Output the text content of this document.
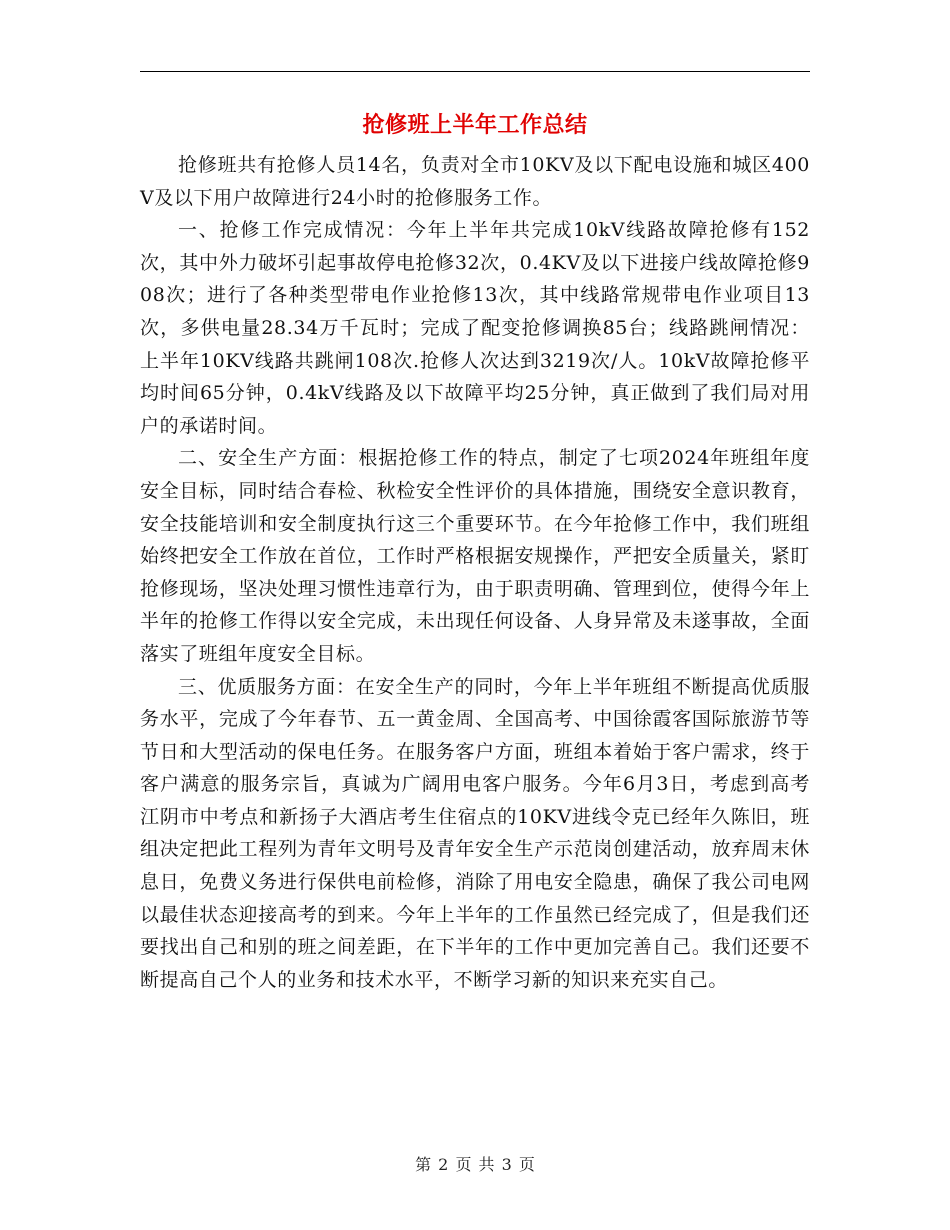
抢修班上半年工作总结

抢修班共有抢修人员14名，负责对全市10KV及以下配电设施和城区400V及以下用户故障进行24小时的抢修服务工作。

一、抢修工作完成情况：今年上半年共完成10kV线路故障抢修有152次，其中外力破坏引起事故停电抢修32次，0.4KV及以下进接户线故障抢修908次；进行了各种类型带电作业抢修13次，其中线路常规带电作业项目13次，多供电量28.34万千瓦时；完成了配变抢修调换85台；线路跳闸情况：上半年10KV线路共跳闸108次.抢修人次达到3219次/人。10kV故障抢修平均时间65分钟，0.4kV线路及以下故障平均25分钟，真正做到了我们局对用户的承诺时间。

二、安全生产方面：根据抢修工作的特点，制定了七项2024年班组年度安全目标，同时结合春检、秋检安全性评价的具体措施，围绕安全意识教育，安全技能培训和安全制度执行这三个重要环节。在今年抢修工作中，我们班组始终把安全工作放在首位，工作时严格根据安规操作，严把安全质量关，紧盯抢修现场，坚决处理习惯性违章行为，由于职责明确、管理到位，使得今年上半年的抢修工作得以安全完成，未出现任何设备、人身异常及未遂事故，全面落实了班组年度安全目标。

三、优质服务方面：在安全生产的同时，今年上半年班组不断提高优质服务水平，完成了今年春节、五一黄金周、全国高考、中国徐霞客国际旅游节等节日和大型活动的保电任务。在服务客户方面，班组本着始于客户需求，终于客户满意的服务宗旨，真诚为广阔用电客户服务。今年6月3日，考虑到高考江阴市中考点和新扬子大酒店考生住宿点的10KV进线令克已经年久陈旧，班组决定把此工程列为青年文明号及青年安全生产示范岗创建活动，放弃周末休息日，免费义务进行保供电前检修，消除了用电安全隐患，确保了我公司电网以最佳状态迎接高考的到来。今年上半年的工作虽然已经完成了，但是我们还要找出自己和别的班之间差距，在下半年的工作中更加完善自己。我们还要不断提高自己个人的业务和技术水平，不断学习新的知识来充实自己。

第 2 页 共 3 页
